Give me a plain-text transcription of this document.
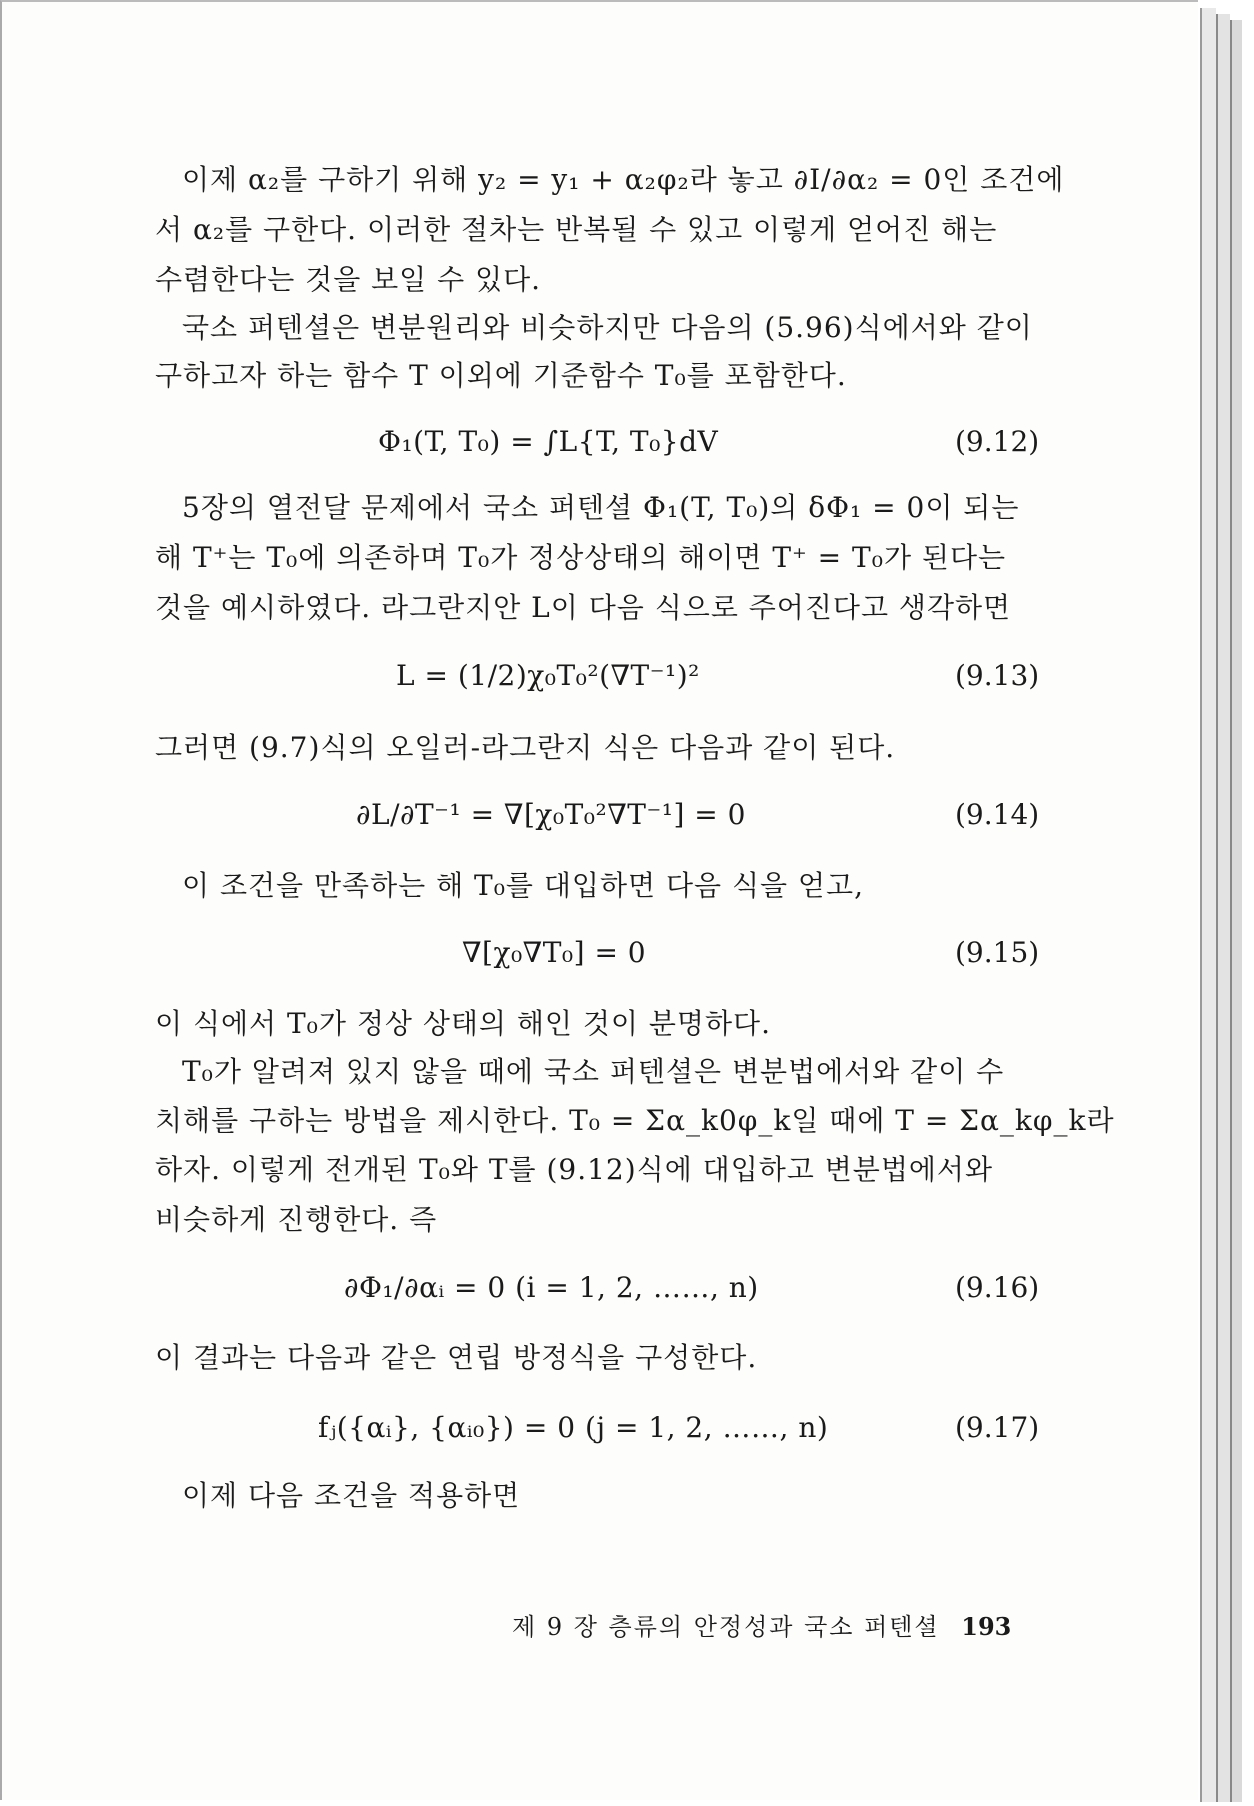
이제 α₂를 구하기 위해 y₂ = y₁ + α₂φ₂라 놓고 ∂I/∂α₂ = 0인 조건에
서 α₂를 구한다. 이러한 절차는 반복될 수 있고 이렇게 얻어진 해는
수렴한다는 것을 보일 수 있다.
국소 퍼텐셜은 변분원리와 비슷하지만 다음의 (5.96)식에서와 같이
구하고자 하는 함수 T 이외에 기준함수 T₀를 포함한다.
Φ₁(T, T₀) = ∫L{T, T₀}dV	(9.12)
5장의 열전달 문제에서 국소 퍼텐셜 Φ₁(T, T₀)의 δΦ₁ = 0이 되는
해 T⁺는 T₀에 의존하며 T₀가 정상상태의 해이면 T⁺ = T₀가 된다는
것을 예시하였다. 라그란지안 L이 다음 식으로 주어진다고 생각하면
L = (1/2)χ₀T₀²(∇T⁻¹)²	(9.13)
그러면 (9.7)식의 오일러-라그란지 식은 다음과 같이 된다.
∂L/∂T⁻¹ = ∇[χ₀T₀²∇T⁻¹] = 0	(9.14)
이 조건을 만족하는 해 T₀를 대입하면 다음 식을 얻고,
∇[χ₀∇T₀] = 0	(9.15)
이 식에서 T₀가 정상 상태의 해인 것이 분명하다.
T₀가 알려져 있지 않을 때에 국소 퍼텐셜은 변분법에서와 같이 수
치해를 구하는 방법을 제시한다. T₀ = Σα_k0φ_k일 때에 T = Σα_kφ_k라
하자. 이렇게 전개된 T₀와 T를 (9.12)식에 대입하고 변분법에서와
비슷하게 진행한다. 즉
∂Φ₁/∂αᵢ = 0 (i = 1, 2, ……, n)	(9.16)
이 결과는 다음과 같은 연립 방정식을 구성한다.
fⱼ({αᵢ}, {αᵢ₀}) = 0 (j = 1, 2, ……, n)	(9.17)
이제 다음 조건을 적용하면
제 9 장 층류의 안정성과 국소 퍼텐셜 193
